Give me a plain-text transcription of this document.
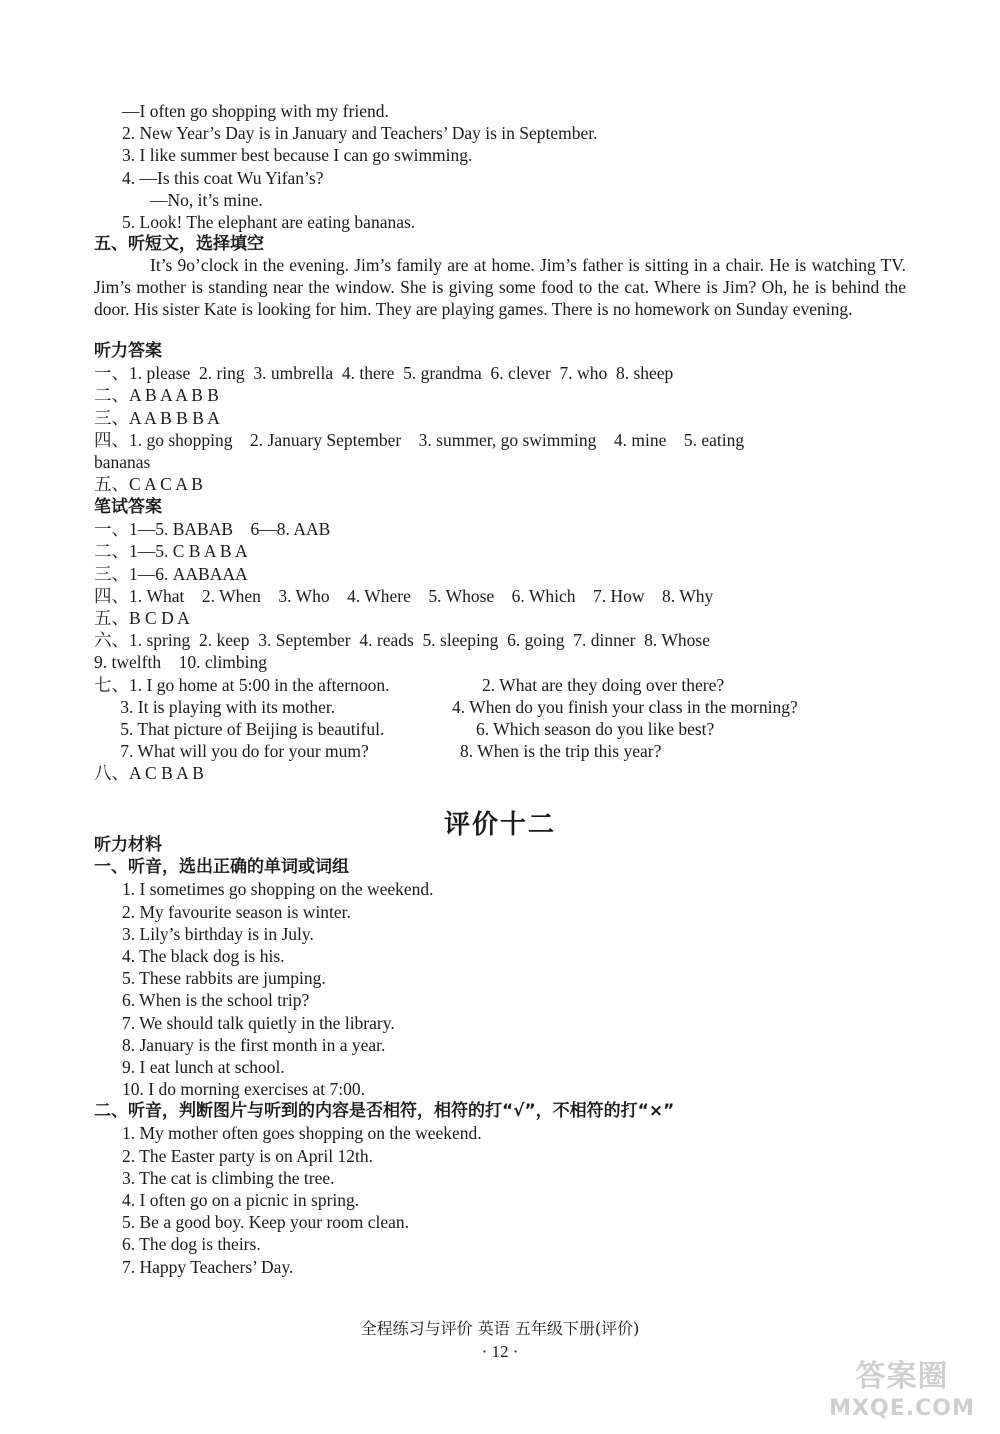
—I often go shopping with my friend.
2. New Year’s Day is in January and Teachers’ Day is in September.
3. I like summer best because I can go swimming.
4. —Is this coat Wu Yifan’s?
—No, it’s mine.
5. Look! The elephant are eating bananas.
五、听短文，选择填空
It’s 9o’clock in the evening. Jim’s family are at home. Jim’s father is sitting in a chair. He is watching TV. Jim’s mother is standing near the window. She is giving some food to the cat. Where is Jim? Oh, he is behind the door. His sister Kate is looking for him. They are playing games. There is no homework on Sunday evening.
听力答案
一、1. please  2. ring  3. umbrella  4. there  5. grandma  6. clever  7. who  8. sheep
二、A B A A B B
三、A A B B B A
四、1. go shopping    2. January September    3. summer, go swimming    4. mine    5. eating
bananas
五、C A C A B
笔试答案
一、1—5. BABAB    6—8. AAB
二、1—5. C B A B A
三、1—6. AABAAA
四、1. What    2. When    3. Who    4. Where    5. Whose    6. Which    7. How    8. Why
五、B C D A
六、1. spring  2. keep  3. September  4. reads  5. sleeping  6. going  7. dinner  8. Whose
9. twelfth    10. climbing
七、1. I go home at 5:00 in the afternoon.	2. What are they doing over there?
3. It is playing with its mother.	4. When do you finish your class in the morning?
5. That picture of Beijing is beautiful.	6. Which season do you like best?
7. What will you do for your mum?	8. When is the trip this year?
八、A C B A B
评价十二
听力材料
一、听音，选出正确的单词或词组
1. I sometimes go shopping on the weekend.
2. My favourite season is winter.
3. Lily’s birthday is in July.
4. The black dog is his.
5. These rabbits are jumping.
6. When is the school trip?
7. We should talk quietly in the library.
8. January is the first month in a year.
9. I eat lunch at school.
10. I do morning exercises at 7:00.
二、听音，判断图片与听到的内容是否相符，相符的打“√”，不相符的打“×”
1. My mother often goes shopping on the weekend.
2. The Easter party is on April 12th.
3. The cat is climbing the tree.
4. I often go on a picnic in spring.
5. Be a good boy. Keep your room clean.
6. The dog is theirs.
7. Happy Teachers’ Day.
全程练习与评价 英语 五年级下册(评价)
· 12 ·
答案圈
MXQE.COM
